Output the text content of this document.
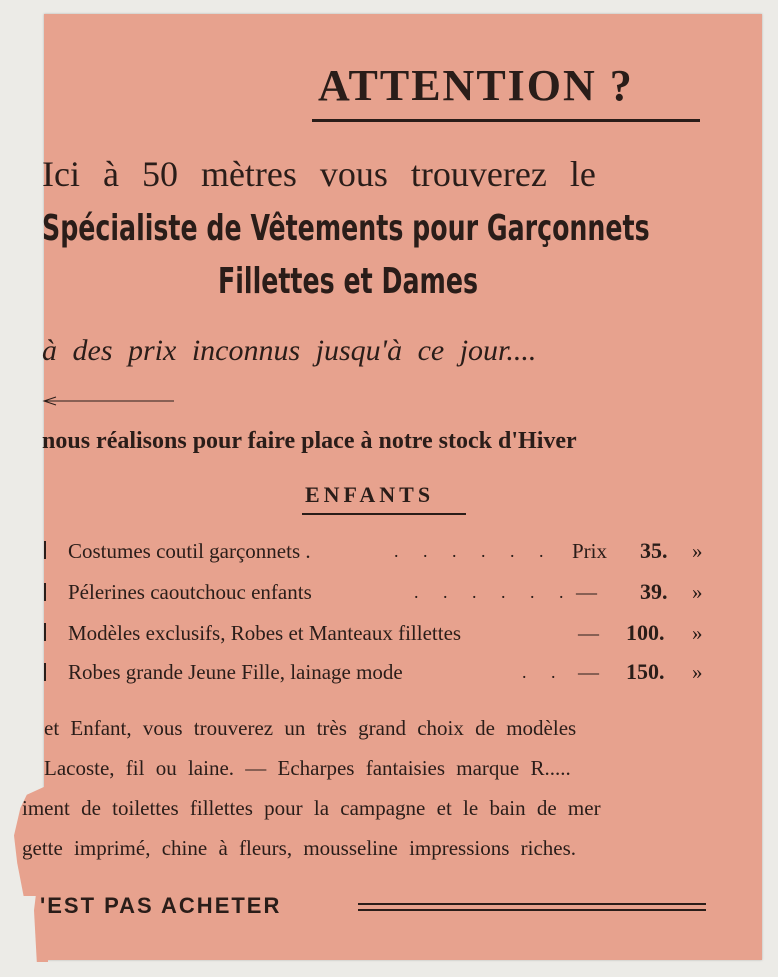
ATTENTION ?
Ici à 50 mètres vous trouverez le
Spécialiste de Vêtements pour Garçonnets
Fillettes et Dames
à des prix inconnus jusqu'à ce jour....
nous réalisons pour faire place à notre stock d'Hiver
ENFANTS
Costumes coutil garçonnets .	. . . . . . Prix 35. »
Pélerines caoutchouc enfants	. . . . . . — 39. »
Modèles exclusifs, Robes et Manteaux fillettes	— 100. »
Robes grande Jeune Fille, lainage mode	. . — 150. »
et Enfant, vous trouverez un très grand choix de modèles
Lacoste, fil ou laine. — Echarpes fantaisies marque R.....
iment de toilettes fillettes pour la campagne et le bain de mer
gette imprimé, chine à fleurs, mousseline impressions riches.
'EST PAS ACHETER
